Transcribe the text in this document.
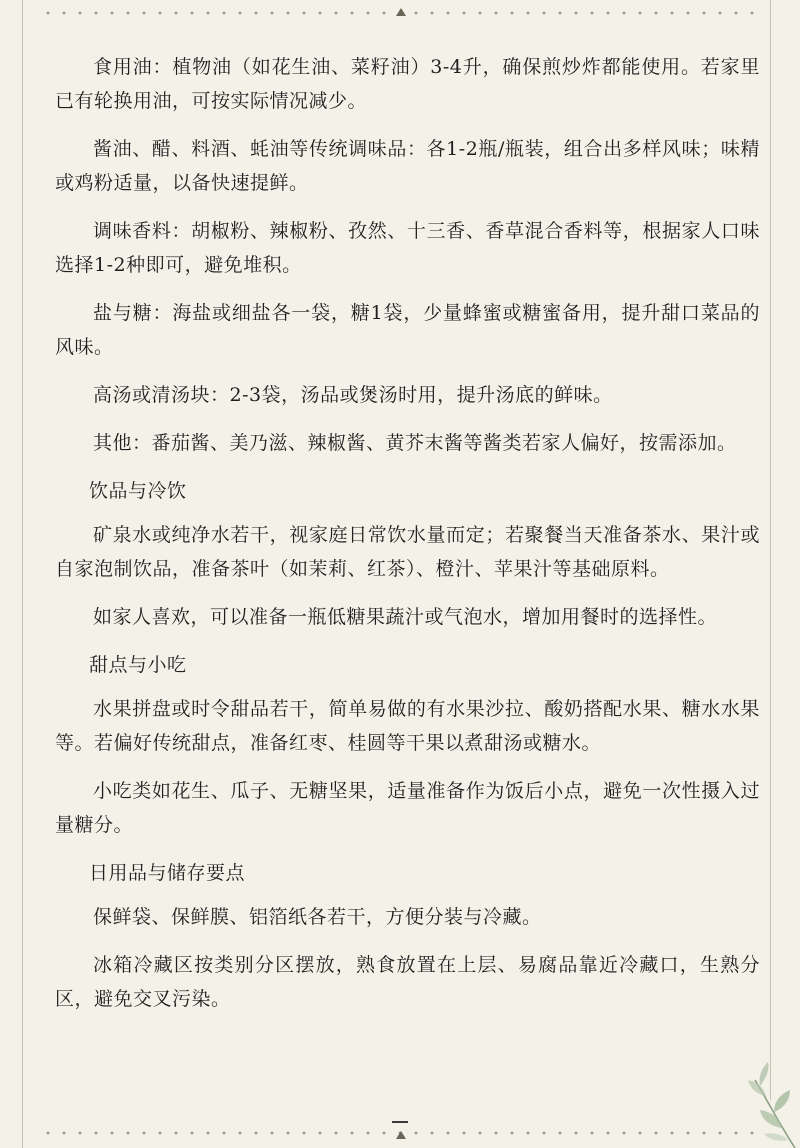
食用油：植物油（如花生油、菜籽油）3-4升，确保煎炒炸都能使用。若家里已有轮换用油，可按实际情况减少。

酱油、醋、料酒、蚝油等传统调味品：各1-2瓶/瓶装，组合出多样风味；味精或鸡粉适量，以备快速提鲜。

调味香料：胡椒粉、辣椒粉、孜然、十三香、香草混合香料等，根据家人口味选择1-2种即可，避免堆积。

盐与糖：海盐或细盐各一袋，糖1袋，少量蜂蜜或糖蜜备用，提升甜口菜品的风味。

高汤或清汤块：2-3袋，汤品或煲汤时用，提升汤底的鲜味。

其他：番茄酱、美乃滋、辣椒酱、黄芥末酱等酱类若家人偏好，按需添加。

饮品与冷饮

矿泉水或纯净水若干，视家庭日常饮水量而定；若聚餐当天准备茶水、果汁或自家泡制饮品，准备茶叶（如茉莉、红茶）、橙汁、苹果汁等基础原料。

如家人喜欢，可以准备一瓶低糖果蔬汁或气泡水，增加用餐时的选择性。

甜点与小吃

水果拼盘或时令甜品若干，简单易做的有水果沙拉、酸奶搭配水果、糖水水果等。若偏好传统甜点，准备红枣、桂圆等干果以煮甜汤或糖水。

小吃类如花生、瓜子、无糖坚果，适量准备作为饭后小点，避免一次性摄入过量糖分。

日用品与储存要点

保鲜袋、保鲜膜、铝箔纸各若干，方便分装与冷藏。

冰箱冷藏区按类别分区摆放，熟食放置在上层、易腐品靠近冷藏口，生熟分区，避免交叉污染。
